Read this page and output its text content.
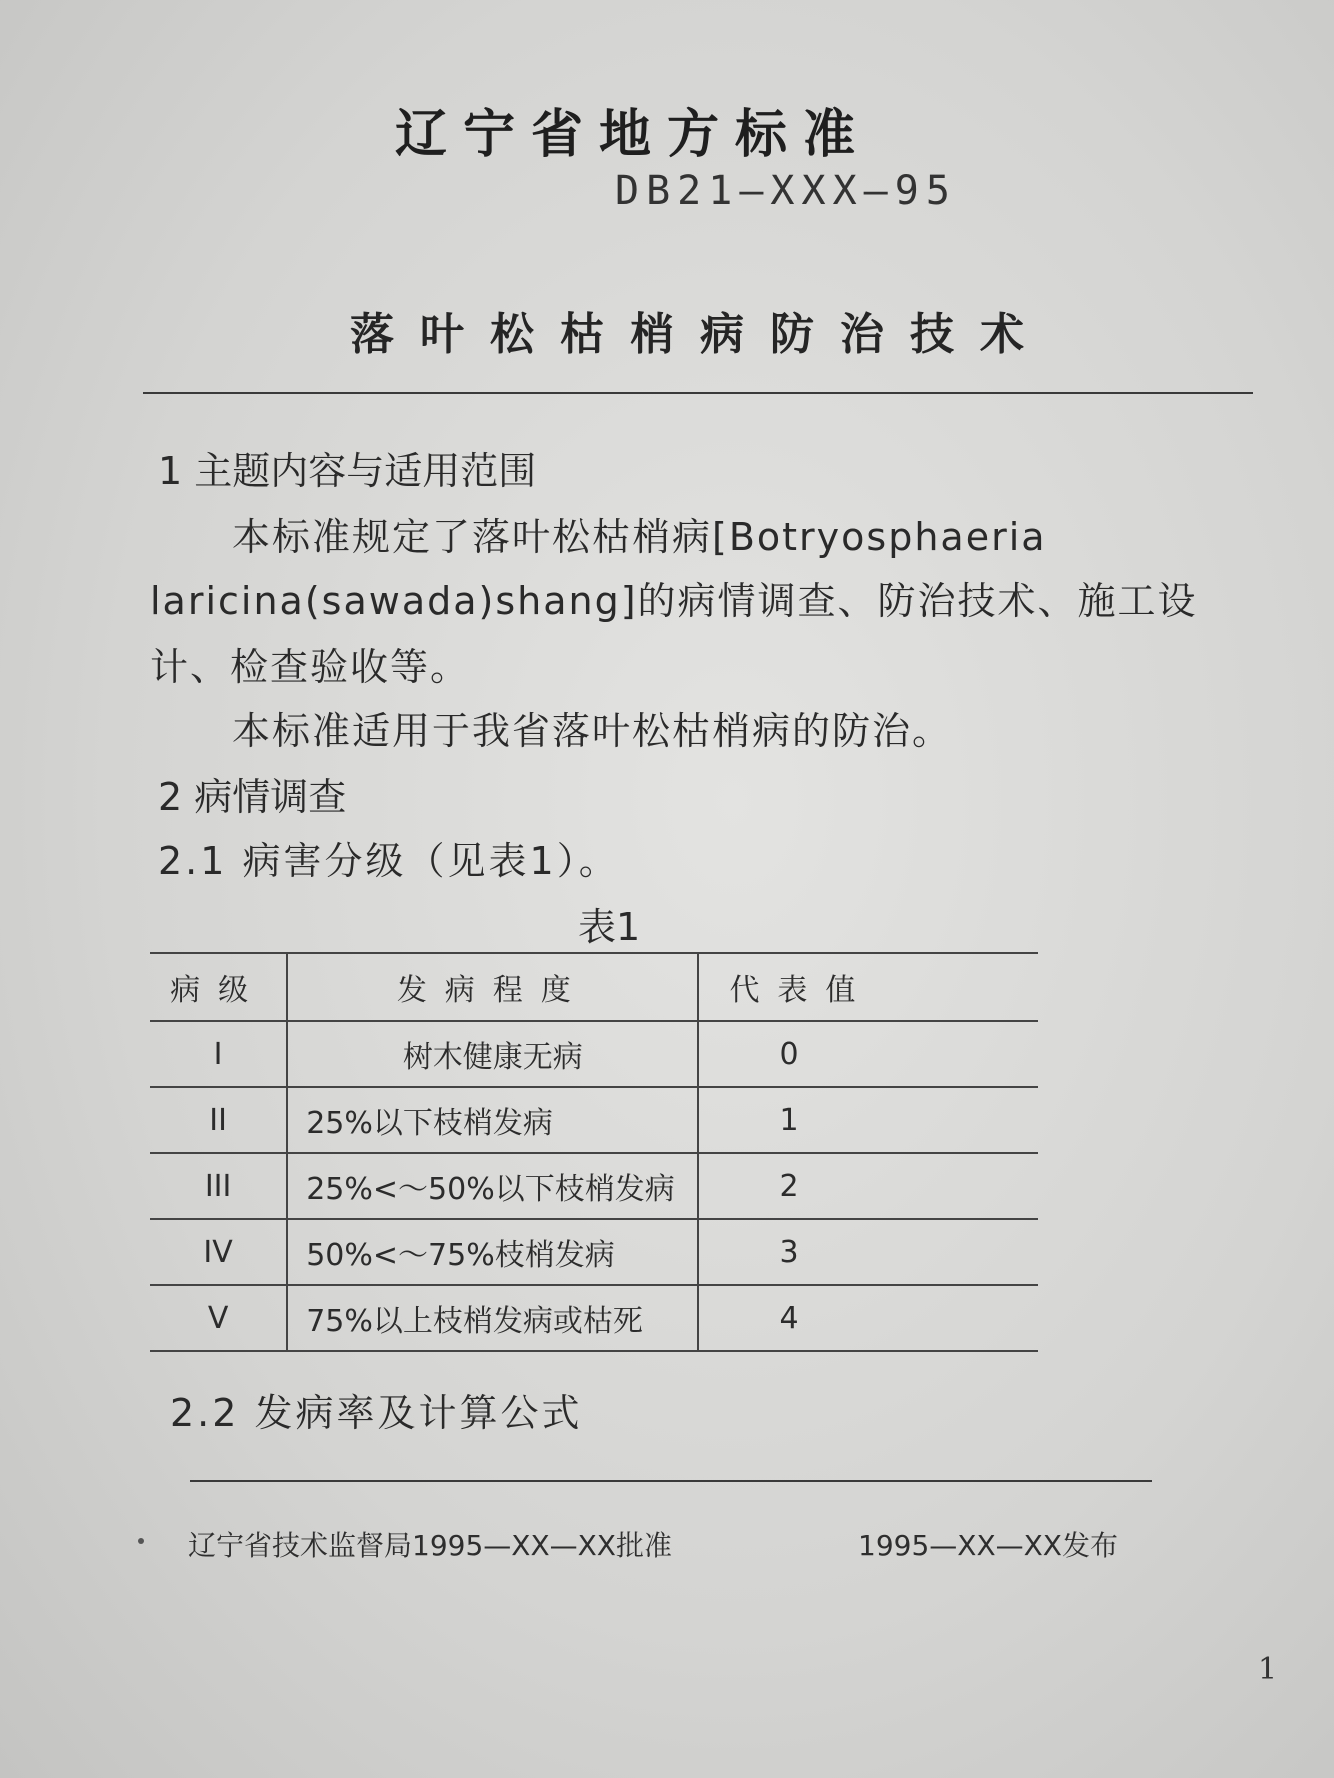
辽宁省地方标准
DB21—XXX—95
落叶松枯梢病防治技术
1 主题内容与适用范围
本标准规定了落叶松枯梢病[Botryosphaeria
laricina(sawada)shang]的病情调查、防治技术、施工设
计、检查验收等。
本标准适用于我省落叶松枯梢病的防治。
2 病情调查
2.1 病害分级（见表1）。
表1
病级	发病程度	代表值
I	树木健康无病	0
II	25%以下枝梢发病	1
III	25%<～50%以下枝梢发病	2
IV	50%<～75%枝梢发病	3
V	75%以上枝梢发病或枯死	4
2.2 发病率及计算公式
辽宁省技术监督局1995—XX—XX批准	1995—XX—XX发布
1
